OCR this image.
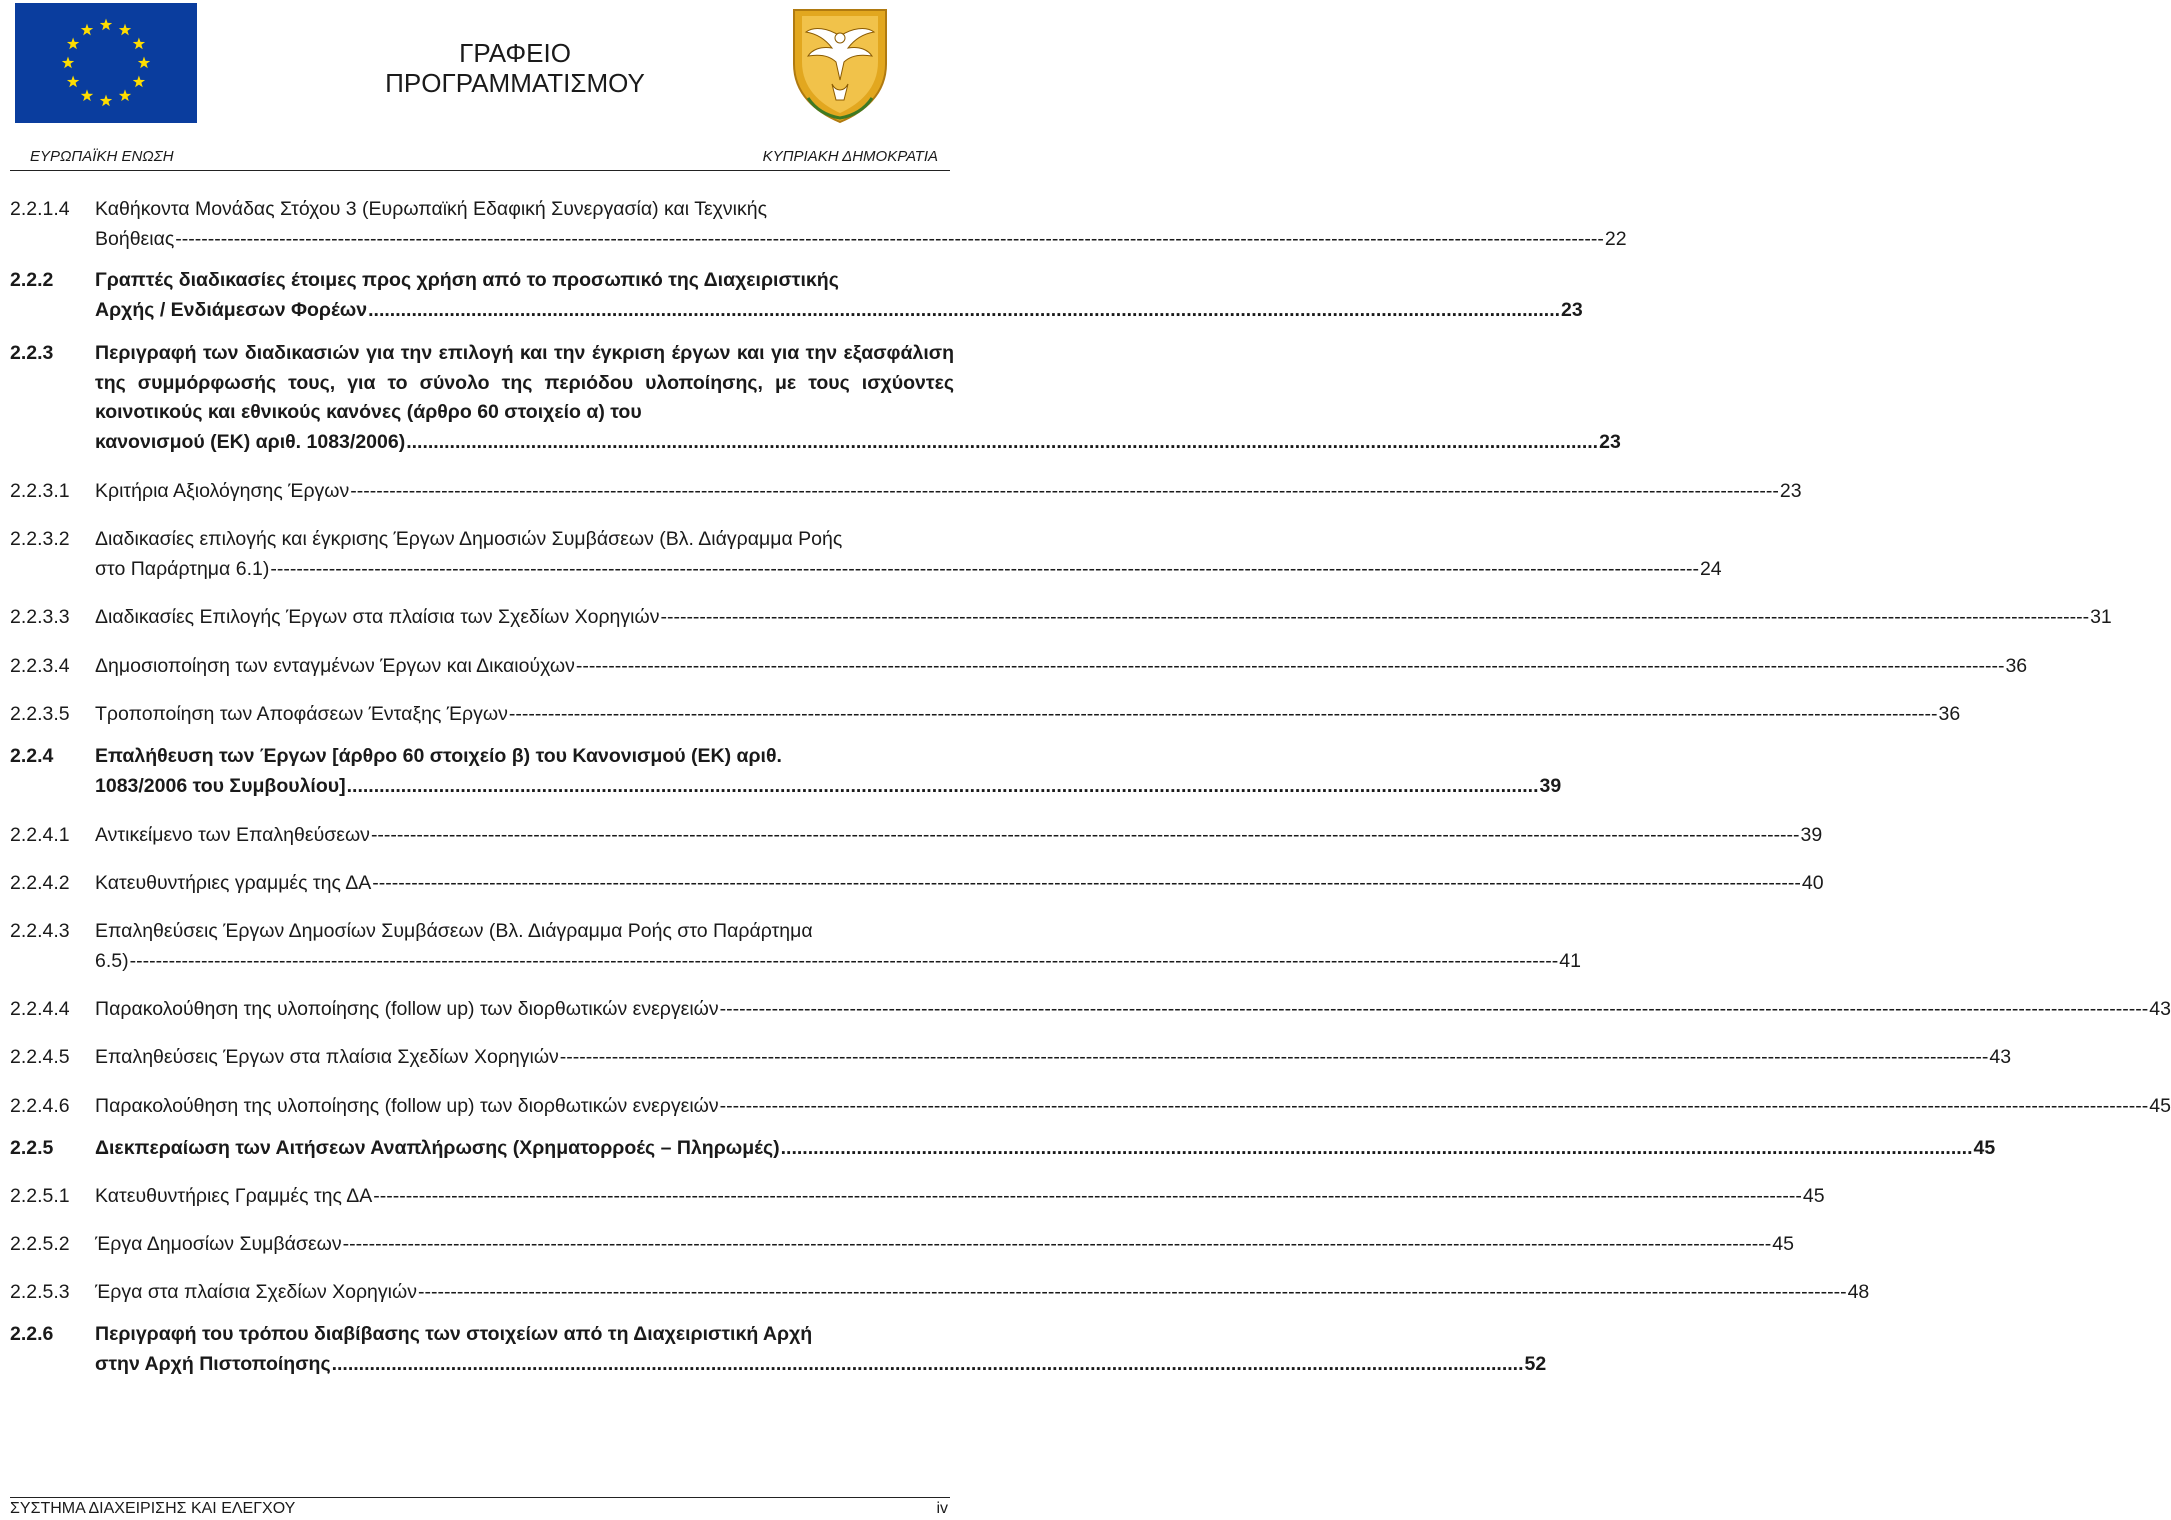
ΓΡΑΦΕΙΟ
ΠΡΟΓΡΑΜΜΑΤΙΣΜΟΥ
ΕΥΡΩΠΑΪΚΗ ΕΝΩΣΗ	ΚΥΠΡΙΑΚΗ ΔΗΜΟΚΡΑΤΙΑ
2.2.1.4 Καθήκοντα Μονάδας Στόχου 3 (Ευρωπαϊκή Εδαφική Συνεργασία) και Τεχνικής
Βοήθειας ---------------------------------------------------------------------------------------------------------------------------------------------------------------------------------------------------------------------------- 22
2.2.2 Γραπτές διαδικασίες έτοιμες προς χρήση από το προσωπικό της Διαχειριστικής
Αρχής / Ενδιάμεσων Φορέων ............................................................................................................................................................................................................................ 23
2.2.3 Περιγραφή των διαδικασιών για την επιλογή και την έγκριση έργων και για την εξασφάλιση της συμμόρφωσής τους, για το σύνολο της περιόδου υλοποίησης, με τους ισχύοντες κοινοτικούς και εθνικούς κανόνες (άρθρο 60 στοιχείο α) του
κανονισμού (ΕΚ) αριθ. 1083/2006) ............................................................................................................................................................................................................................ 23
2.2.3.1 Κριτήρια Αξιολόγησης Έργων ---------------------------------------------------------------------------------------------------------------------------------------------------------------------------------------------------------------------------- 23
2.2.3.2 Διαδικασίες επιλογής και έγκρισης Έργων Δημοσιών Συμβάσεων (Βλ. Διάγραμμα Ροής
στο Παράρτημα 6.1) ---------------------------------------------------------------------------------------------------------------------------------------------------------------------------------------------------------------------------- 24
2.2.3.3 Διαδικασίες Επιλογής Έργων στα πλαίσια των Σχεδίων Χορηγιών ---------------------------------------------------------------------------------------------------------------------------------------------------------------------------------------------------------------------------- 31
2.2.3.4 Δημοσιοποίηση των ενταγμένων Έργων και Δικαιούχων ---------------------------------------------------------------------------------------------------------------------------------------------------------------------------------------------------------------------------- 36
2.2.3.5 Τροποποίηση των Αποφάσεων Ένταξης Έργων ---------------------------------------------------------------------------------------------------------------------------------------------------------------------------------------------------------------------------- 36
2.2.4 Επαλήθευση των Έργων [άρθρο 60 στοιχείο β) του Κανονισμού (ΕΚ) αριθ.
1083/2006 του Συμβουλίου] ............................................................................................................................................................................................................................ 39
2.2.4.1 Αντικείμενο των Επαληθεύσεων ---------------------------------------------------------------------------------------------------------------------------------------------------------------------------------------------------------------------------- 39
2.2.4.2 Κατευθυντήριες γραμμές της ΔΑ ---------------------------------------------------------------------------------------------------------------------------------------------------------------------------------------------------------------------------- 40
2.2.4.3 Επαληθεύσεις Έργων Δημοσίων Συμβάσεων (Βλ. Διάγραμμα Ροής στο Παράρτημα
6.5) ---------------------------------------------------------------------------------------------------------------------------------------------------------------------------------------------------------------------------- 41
2.2.4.4 Παρακολούθηση της υλοποίησης (follow up) των διορθωτικών ενεργειών ---------------------------------------------------------------------------------------------------------------------------------------------------------------------------------------------------------------------------- 43
2.2.4.5 Επαληθεύσεις Έργων στα πλαίσια Σχεδίων Χορηγιών ---------------------------------------------------------------------------------------------------------------------------------------------------------------------------------------------------------------------------- 43
2.2.4.6 Παρακολούθηση της υλοποίησης (follow up) των διορθωτικών ενεργειών ---------------------------------------------------------------------------------------------------------------------------------------------------------------------------------------------------------------------------- 45
2.2.5 Διεκπεραίωση των Αιτήσεων Αναπλήρωσης (Χρηματορροές – Πληρωμές) ............................................................................................................................................................................................................................ 45
2.2.5.1 Κατευθυντήριες Γραμμές της ΔΑ ---------------------------------------------------------------------------------------------------------------------------------------------------------------------------------------------------------------------------- 45
2.2.5.2 Έργα Δημοσίων Συμβάσεων ---------------------------------------------------------------------------------------------------------------------------------------------------------------------------------------------------------------------------- 45
2.2.5.3 Έργα στα πλαίσια Σχεδίων Χορηγιών ---------------------------------------------------------------------------------------------------------------------------------------------------------------------------------------------------------------------------- 48
2.2.6 Περιγραφή του τρόπου διαβίβασης των στοιχείων από τη Διαχειριστική Αρχή
στην Αρχή Πιστοποίησης ............................................................................................................................................................................................................................ 52
ΣΥΣΤΗΜΑ ΔΙΑΧΕΙΡΙΣΗΣ ΚΑΙ ΕΛΕΓΧΟΥ	iv
